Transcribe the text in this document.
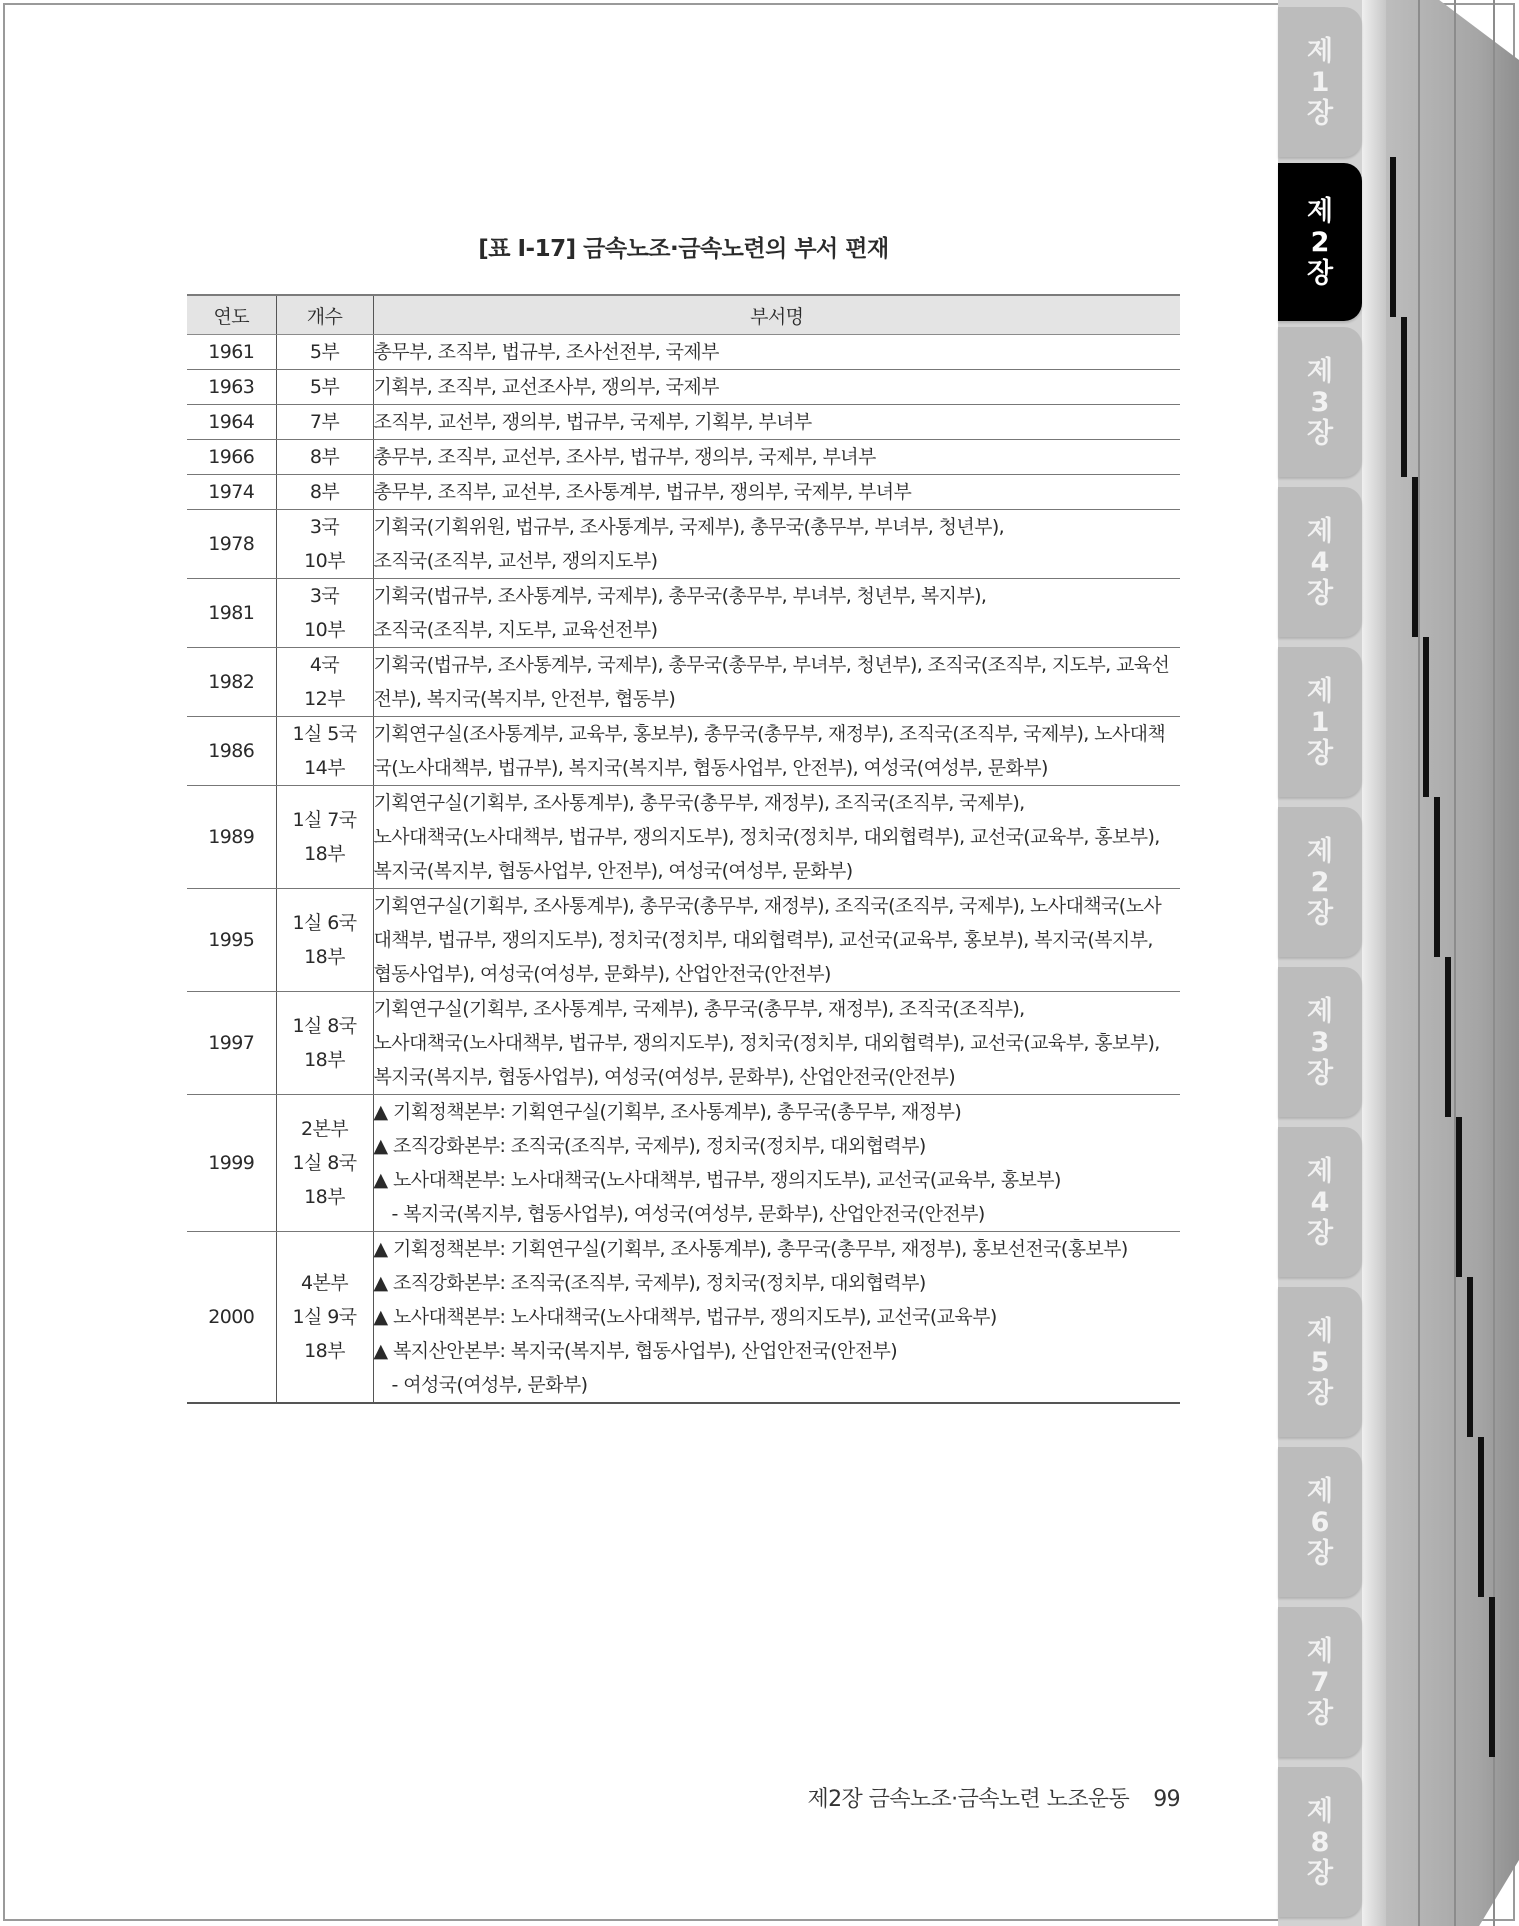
[표 Ⅰ-17] 금속노조·금속노련의 부서 편재
연도	개수	부서명
1961	5부	총무부, 조직부, 법규부, 조사선전부, 국제부

1963	5부	기획부, 조직부, 교선조사부, 쟁의부, 국제부

1964	7부	조직부, 교선부, 쟁의부, 법규부, 국제부, 기획부, 부녀부

1966	8부	총무부, 조직부, 교선부, 조사부, 법규부, 쟁의부, 국제부, 부녀부

1974	8부	총무부, 조직부, 교선부, 조사통계부, 법규부, 쟁의부, 국제부, 부녀부

1978	3국
10부	기획국(기획위원, 법규부, 조사통계부, 국제부), 총무국(총무부, 부녀부, 청년부),
조직국(조직부, 교선부, 쟁의지도부)

1981	3국
10부	기획국(법규부, 조사통계부, 국제부), 총무국(총무부, 부녀부, 청년부, 복지부),
조직국(조직부, 지도부, 교육선전부)

1982	4국
12부	기획국(법규부, 조사통계부, 국제부), 총무국(총무부, 부녀부, 청년부), 조직국(조직부, 지도부, 교육선
전부), 복지국(복지부, 안전부, 협동부)

1986	1실 5국
14부	기획연구실(조사통계부, 교육부, 홍보부), 총무국(총무부, 재정부), 조직국(조직부, 국제부), 노사대책
국(노사대책부, 법규부), 복지국(복지부, 협동사업부, 안전부), 여성국(여성부, 문화부)

1989	1실 7국
18부	기획연구실(기획부, 조사통계부), 총무국(총무부, 재정부), 조직국(조직부, 국제부),
노사대책국(노사대책부, 법규부, 쟁의지도부), 정치국(정치부, 대외협력부), 교선국(교육부, 홍보부),
복지국(복지부, 협동사업부, 안전부), 여성국(여성부, 문화부)

1995	1실 6국
18부	기획연구실(기획부, 조사통계부), 총무국(총무부, 재정부), 조직국(조직부, 국제부), 노사대책국(노사
대책부, 법규부, 쟁의지도부), 정치국(정치부, 대외협력부), 교선국(교육부, 홍보부), 복지국(복지부,
협동사업부), 여성국(여성부, 문화부), 산업안전국(안전부)

1997	1실 8국
18부	기획연구실(기획부, 조사통계부, 국제부), 총무국(총무부, 재정부), 조직국(조직부),
노사대책국(노사대책부, 법규부, 쟁의지도부), 정치국(정치부, 대외협력부), 교선국(교육부, 홍보부),
복지국(복지부, 협동사업부), 여성국(여성부, 문화부), 산업안전국(안전부)

1999	2본부
1실 8국
18부	▲ 기획정책본부: 기획연구실(기획부, 조사통계부), 총무국(총무부, 재정부)
▲ 조직강화본부: 조직국(조직부, 국제부), 정치국(정치부, 대외협력부)
▲ 노사대책본부: 노사대책국(노사대책부, 법규부, 쟁의지도부), 교선국(교육부, 홍보부)
- 복지국(복지부, 협동사업부), 여성국(여성부, 문화부), 산업안전국(안전부)

2000	4본부
1실 9국
18부	▲ 기획정책본부: 기획연구실(기획부, 조사통계부), 총무국(총무부, 재정부), 홍보선전국(홍보부)
▲ 조직강화본부: 조직국(조직부, 국제부), 정치국(정치부, 대외협력부)
▲ 노사대책본부: 노사대책국(노사대책부, 법규부, 쟁의지도부), 교선국(교육부)
▲ 복지산안본부: 복지국(복지부, 협동사업부), 산업안전국(안전부)
- 여성국(여성부, 문화부)
제2장 금속노조·금속노련 노조운동 99
제1장
제2장
제3장
제4장
제1장
제2장
제3장
제4장
제5장
제6장
제7장
제8장
